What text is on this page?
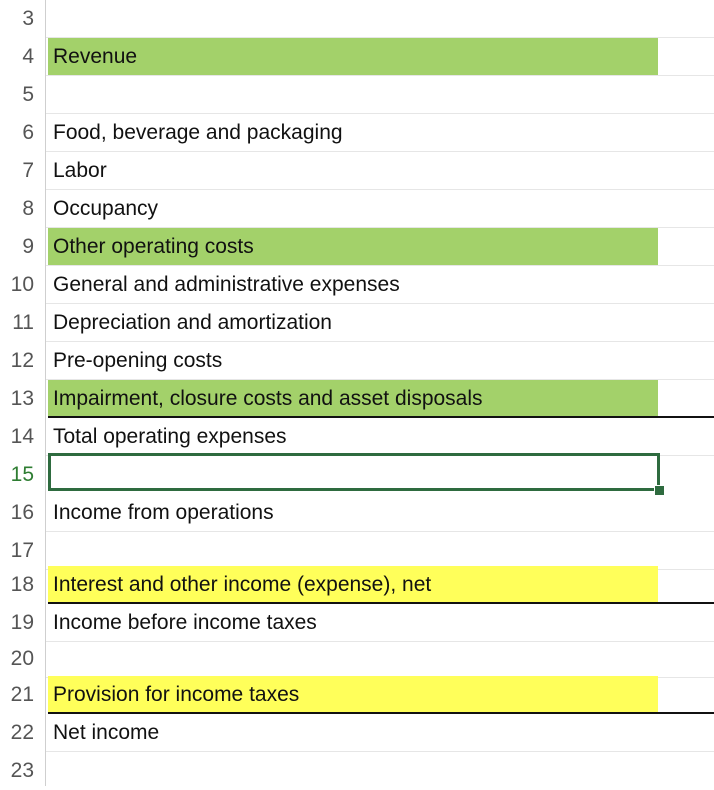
3
4 Revenue
5
6 Food, beverage and packaging
7 Labor
8 Occupancy
9 Other operating costs
10 General and administrative expenses
11 Depreciation and amortization
12 Pre-opening costs
13 Impairment, closure costs and asset disposals
14 Total operating expenses
15
16 Income from operations
17
18 Interest and other income (expense), net
19 Income before income taxes
20
21 Provision for income taxes
22 Net income
23
